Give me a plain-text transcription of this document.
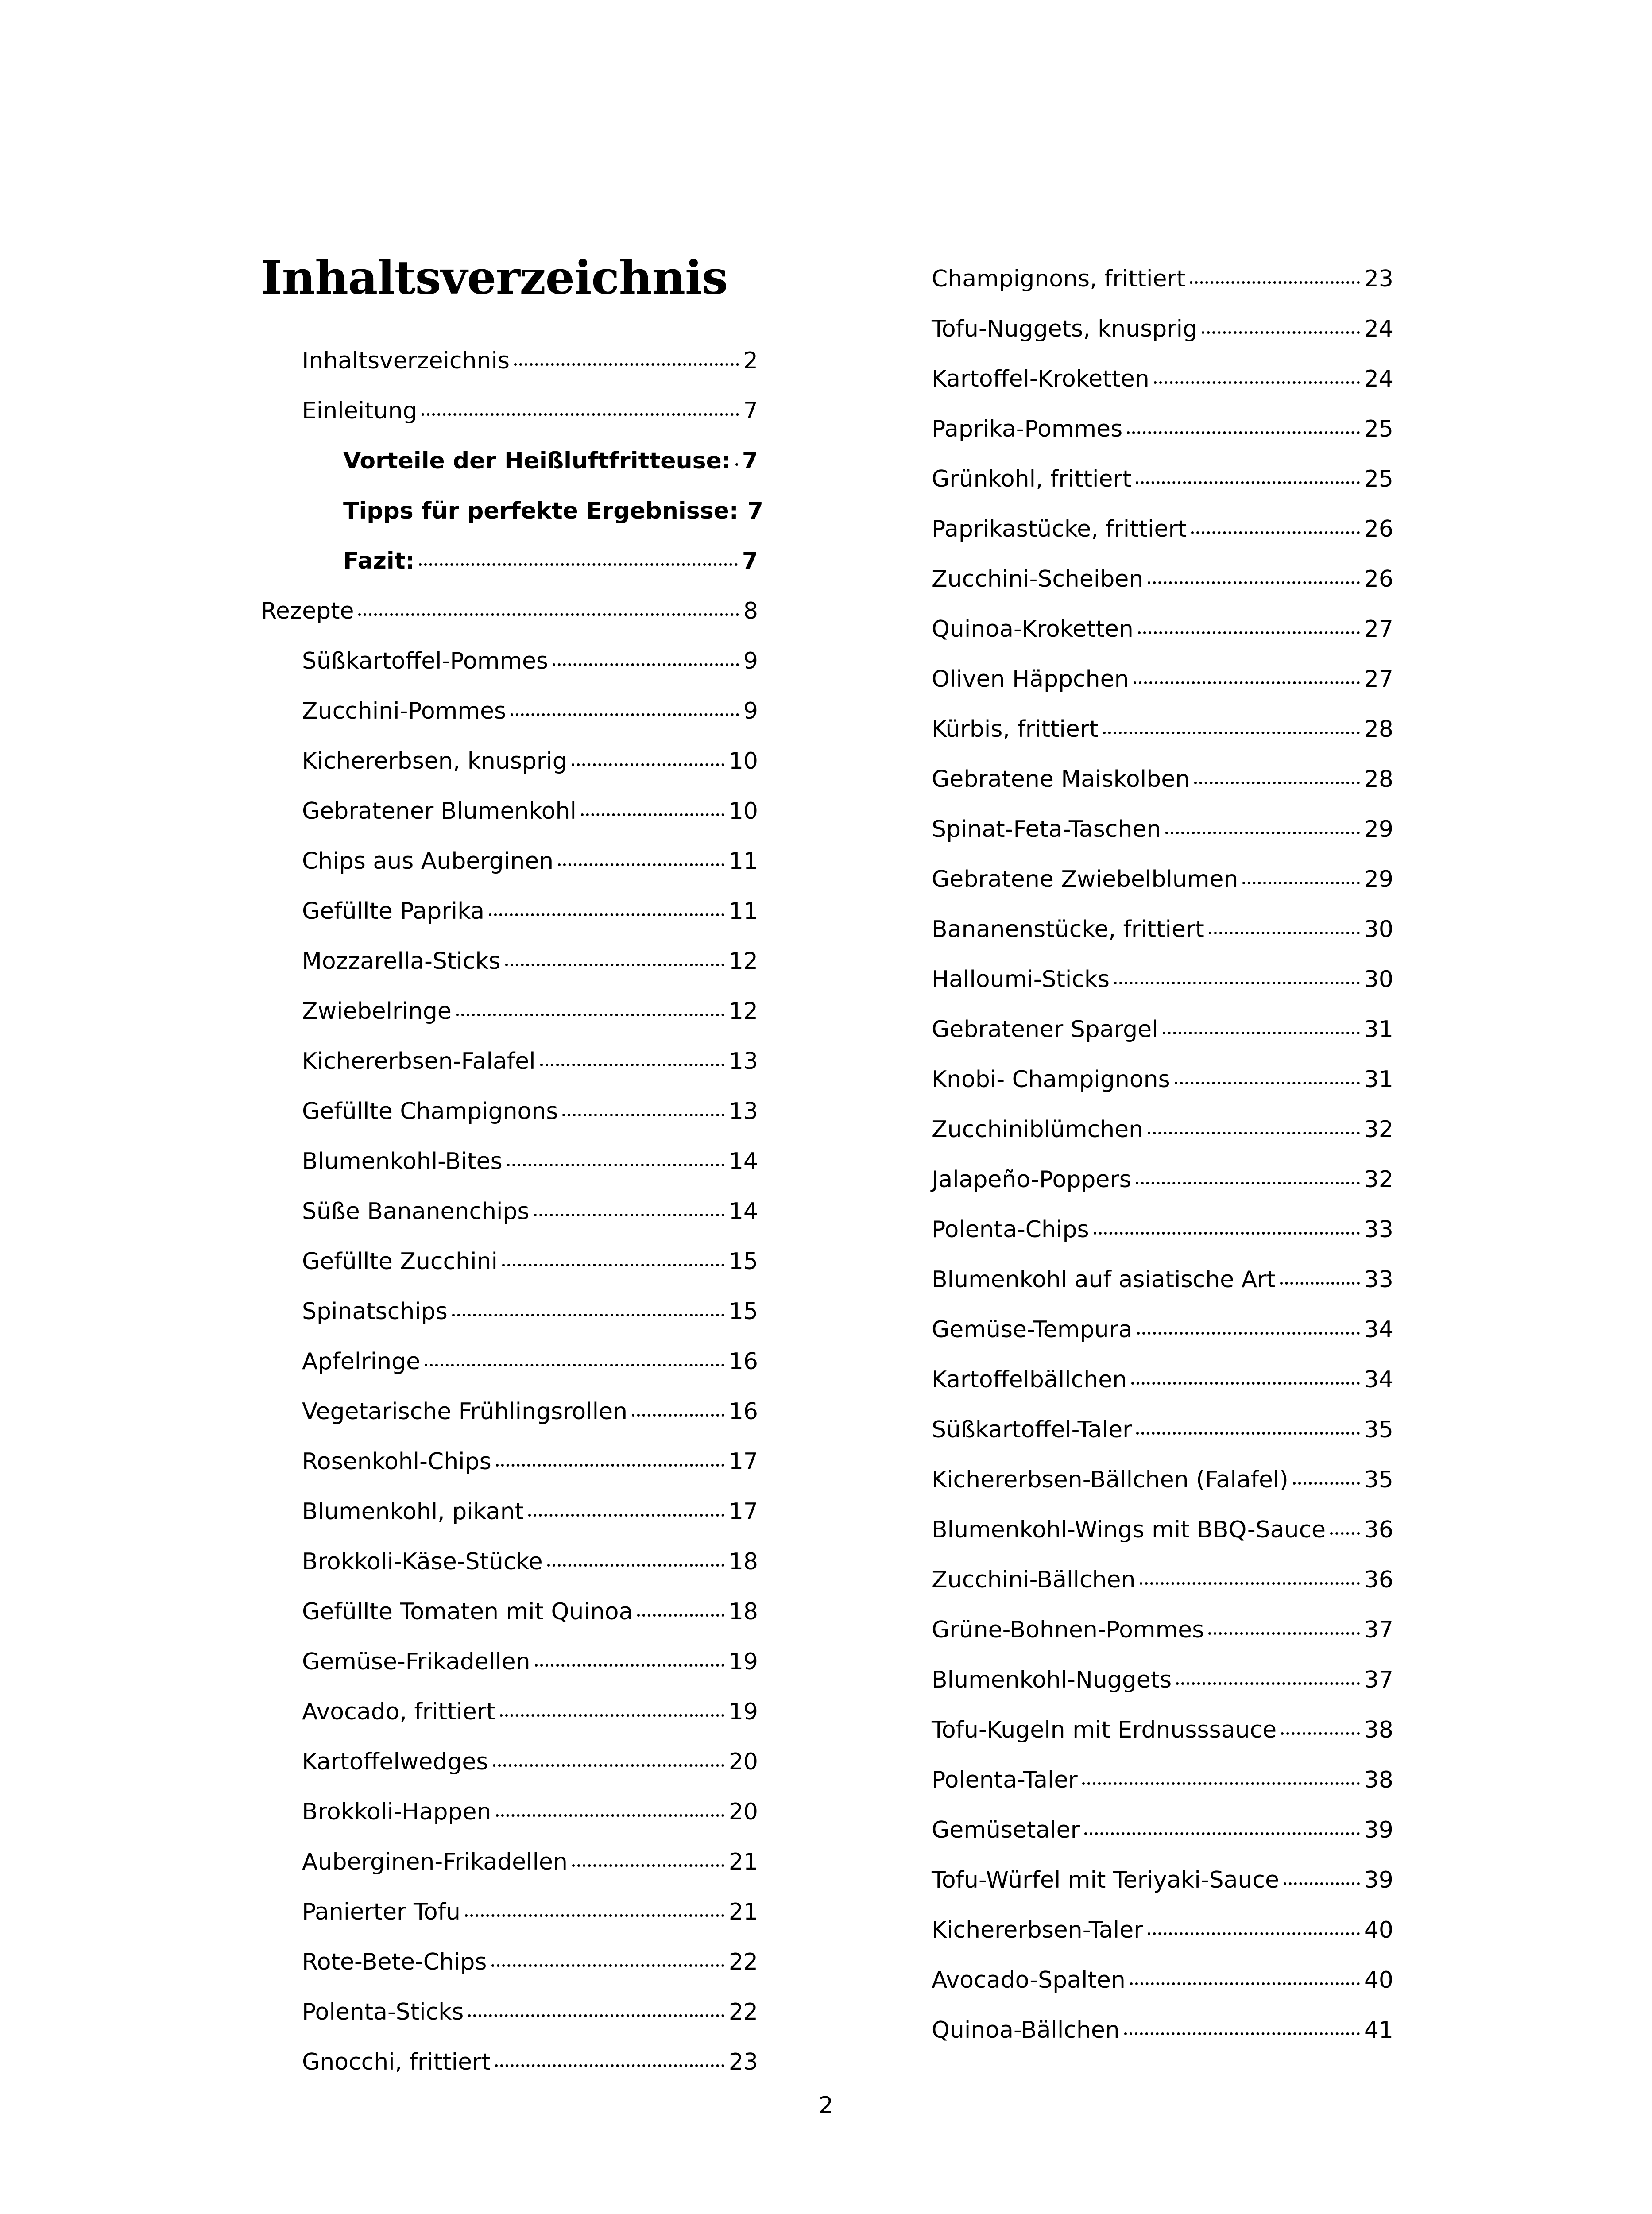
Inhaltsverzeichnis
Inhaltsverzeichnis	2
Einleitung	7
Vorteile der Heißluftfritteuse: 7
Tipps für perfekte Ergebnisse: 7
Fazit:	7
Rezepte	8
Süßkartoffel-Pommes	9
Zucchini-Pommes	9
Kichererbsen, knusprig	10
Gebratener Blumenkohl	10
Chips aus Auberginen	11
Gefüllte Paprika	11
Mozzarella-Sticks	12
Zwiebelringe	12
Kichererbsen-Falafel	13
Gefüllte Champignons	13
Blumenkohl-Bites	14
Süße Bananenchips	14
Gefüllte Zucchini	15
Spinatschips	15
Apfelringe	16
Vegetarische Frühlingsrollen	16
Rosenkohl-Chips	17
Blumenkohl, pikant	17
Brokkoli-Käse-Stücke	18
Gefüllte Tomaten mit Quinoa	18
Gemüse-Frikadellen	19
Avocado, frittiert	19
Kartoffelwedges	20
Brokkoli-Happen	20
Auberginen-Frikadellen	21
Panierter Tofu	21
Rote-Bete-Chips	22
Polenta-Sticks	22
Gnocchi, frittiert	23
Champignons, frittiert	23
Tofu-Nuggets, knusprig	24
Kartoffel-Kroketten	24
Paprika-Pommes	25
Grünkohl, frittiert	25
Paprikastücke, frittiert	26
Zucchini-Scheiben	26
Quinoa-Kroketten	27
Oliven Häppchen	27
Kürbis, frittiert	28
Gebratene Maiskolben	28
Spinat-Feta-Taschen	29
Gebratene Zwiebelblumen	29
Bananenstücke, frittiert	30
Halloumi-Sticks	30
Gebratener Spargel	31
Knobi- Champignons	31
Zucchiniblümchen	32
Jalapeño-Poppers	32
Polenta-Chips	33
Blumenkohl auf asiatische Art	33
Gemüse-Tempura	34
Kartoffelbällchen	34
Süßkartoffel-Taler	35
Kichererbsen-Bällchen (Falafel)	35
Blumenkohl-Wings mit BBQ-Sauce 36
Zucchini-Bällchen	36
Grüne-Bohnen-Pommes	37
Blumenkohl-Nuggets	37
Tofu-Kugeln mit Erdnusssauce	38
Polenta-Taler	38
Gemüsetaler	39
Tofu-Würfel mit Teriyaki-Sauce	39
Kichererbsen-Taler	40
Avocado-Spalten	40
Quinoa-Bällchen	41
2
